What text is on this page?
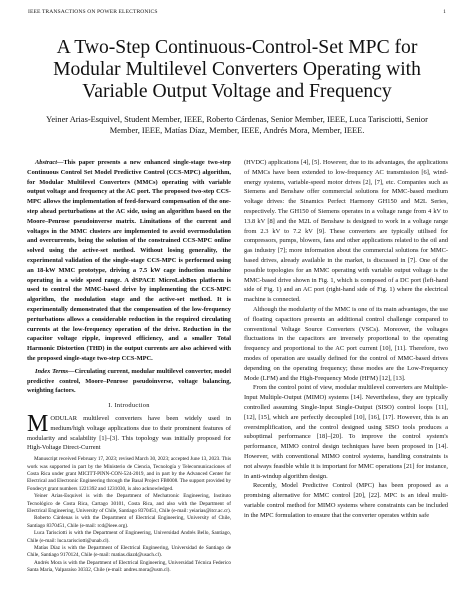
IEEE TRANSACTIONS ON POWER ELECTRONICS	1
A Two-Step Continuous-Control-Set MPC for Modular Multilevel Converters Operating with Variable Output Voltage and Frequency
Yeiner Arias-Esquivel, Student Member, IEEE, Roberto Cárdenas, Senior Member, IEEE, Luca Tarisciotti, Senior Member, IEEE, Matías Díaz, Member, IEEE, Andrés Mora, Member, IEEE.

Abstract—This paper presents a new enhanced single-stage two-step Continuous Control Set Model Predictive Control (CCS-MPC) algorithm, for Modular Multilevel Converters (MMCs) operating with variable output voltage and frequency at the AC port. The proposed two-step CCS-MPC allows the implementation of feed-forward compensation of the one-step ahead perturbations at the AC side, using an algorithm based on the Moore–Penrose pseudoinverse matrix. Limitations of the current and voltages in the MMC clusters are implemented to avoid overmodulation and overcurrents, being the solution of the constrained CCS-MPC online solved using the active-set method. Without losing generality, the experimental validation of the single-stage CCS-MPC is performed using an 18-kW MMC prototype, driving a 7.5 kW cage induction machine operating in a wide speed range. A dSPACE MicroLabBox platform is used to control the MMC-based drive by implementing the CCS-MPC algorithm, the modulation stage and the active-set method. It is experimentally demonstrated that the compensation of the low-frequency perturbations allows a considerable reduction in the required circulating currents at the low-frequency operation of the drive. Reduction in the capacitor voltage ripple, improved efficiency, and a smaller Total Harmonic Distortion (THD) in the output currents are also achieved with the proposed single-stage two-step CCS-MPC.

Index Terms—Circulating current, modular multilevel converter, model predictive control, Moore–Penrose pseudoinverse, voltage balancing, weighting factors.

I. Introduction

MODULAR multilevel converters have been widely used in medium/high voltage applications due to their prominent features of modularity and scalability [1]–[3]. This topology was initially proposed for High-Voltage Direct-Current

Manuscript received February 17, 2023; revised March 30, 2023; accepted June 13, 2023. This work was supported in part by the Ministerio de Ciencia, Tecnología y Telecomunicaciones of Costa Rica under grant MICITT-PINN-CON-524-2019, and in part by the Advanced Center for Electrical and Electronic Engineering through the Basal Project FB0008. The support provided by Fondecyt grant numbers 1221392 and 1231030, is also acknowledged.

Yeiner Arias-Esquivel is with the Department of Mechatronic Engineering, Instituto Tecnológico de Costa Rica, Cartago 30101, Costa Rica, and also with the Department of Electrical Engineering, University of Chile, Santiago 8370451, Chile (e-mail: yeiarias@itcr.ac.cr).

Roberto Cárdenas is with the Department of Electrical Engineering, University of Chile, Santiago 8370451, Chile (e-mail: rcd@ieee.org).

Luca Tarisciotti is with the Department of Engineering, Universidad Andrés Bello, Santiago, Chile (e-mail: luca.tarisciotti@unab.cl).

Matías Díaz is with the Department of Electrical Engineering, Universidad de Santiago de Chile, Santiago 9170124, Chile (e-mail: matias.diazd@usach.cl).

Andrés Mora is with the Department of Electrical Engineering, Universidad Técnica Federico Santa María, Valparaíso 30332, Chile (e-mail: andres.mora@usm.cl).

(HVDC) applications [4], [5]. However, due to its advantages, the applications of MMCs have been extended to low-frequency AC transmission [6], wind-energy systems, variable-speed motor drives [2], [7], etc. Companies such as Siemens and Benshaw offer commercial solutions for MMC-based medium voltage drives: the Sinamics Perfect Harmony GH150 and M2L Series, respectively. The GH150 of Siemens operates in a voltage range from 4 kV to 13.8 kV [8] and the M2L of Benshaw is designed to work in a voltage range from 2.3 kV to 7.2 kV [9]. These converters are typically utilised for compressors, pumps, blowers, fans and other applications related to the oil and gas industry [7]; more information about the commercial solutions for MMC-based drives, already available in the market, is discussed in [7]. One of the possible topologies for an MMC operating with variable output voltage is the MMC-based drive shown in Fig. 1, which is composed of a DC port (left-hand side of Fig. 1) and an AC port (right-hand side of Fig. 1) where the electrical machine is connected.

Although the modularity of the MMC is one of its main advantages, the use of floating capacitors presents an additional control challenge compared to conventional Voltage Source Converters (VSCs). Moreover, the voltages fluctuations in the capacitors are inversely proportional to the operating frequency and proportional to the AC port current [10], [11]. Therefore, two modes of operation are usually defined for the control of MMC-based drives depending on the operating frequency; these modes are the Low-Frequency Mode (LFM) and the High-Frequency Mode (HFM) [12], [13].

From the control point of view, modular multilevel converters are Multiple-Input Multiple-Output (MIMO) systems [14]. Nevertheless, they are typically controlled assuming Single-Input Single-Output (SISO) control loops [11], [12], [15], which are perfectly decoupled [10], [16], [17]. However, this is an oversimplification, and the control designed using SISO tools produces a suboptimal performance [18]–[20]. To improve the control system's performance, MIMO control design techniques have been proposed in [14]. However, with conventional MIMO control systems, handling constraints is not always feasible while it is important for MMC operations [21] for instance, in anti-windup algorithm design.

Recently, Model Predictive Control (MPC) has been proposed as a promising alternative for MMC control [20], [22]. MPC is an ideal multi-variable control method for MIMO systems where constraints can be included in the MPC formulation to ensure that the converter operates within safe
